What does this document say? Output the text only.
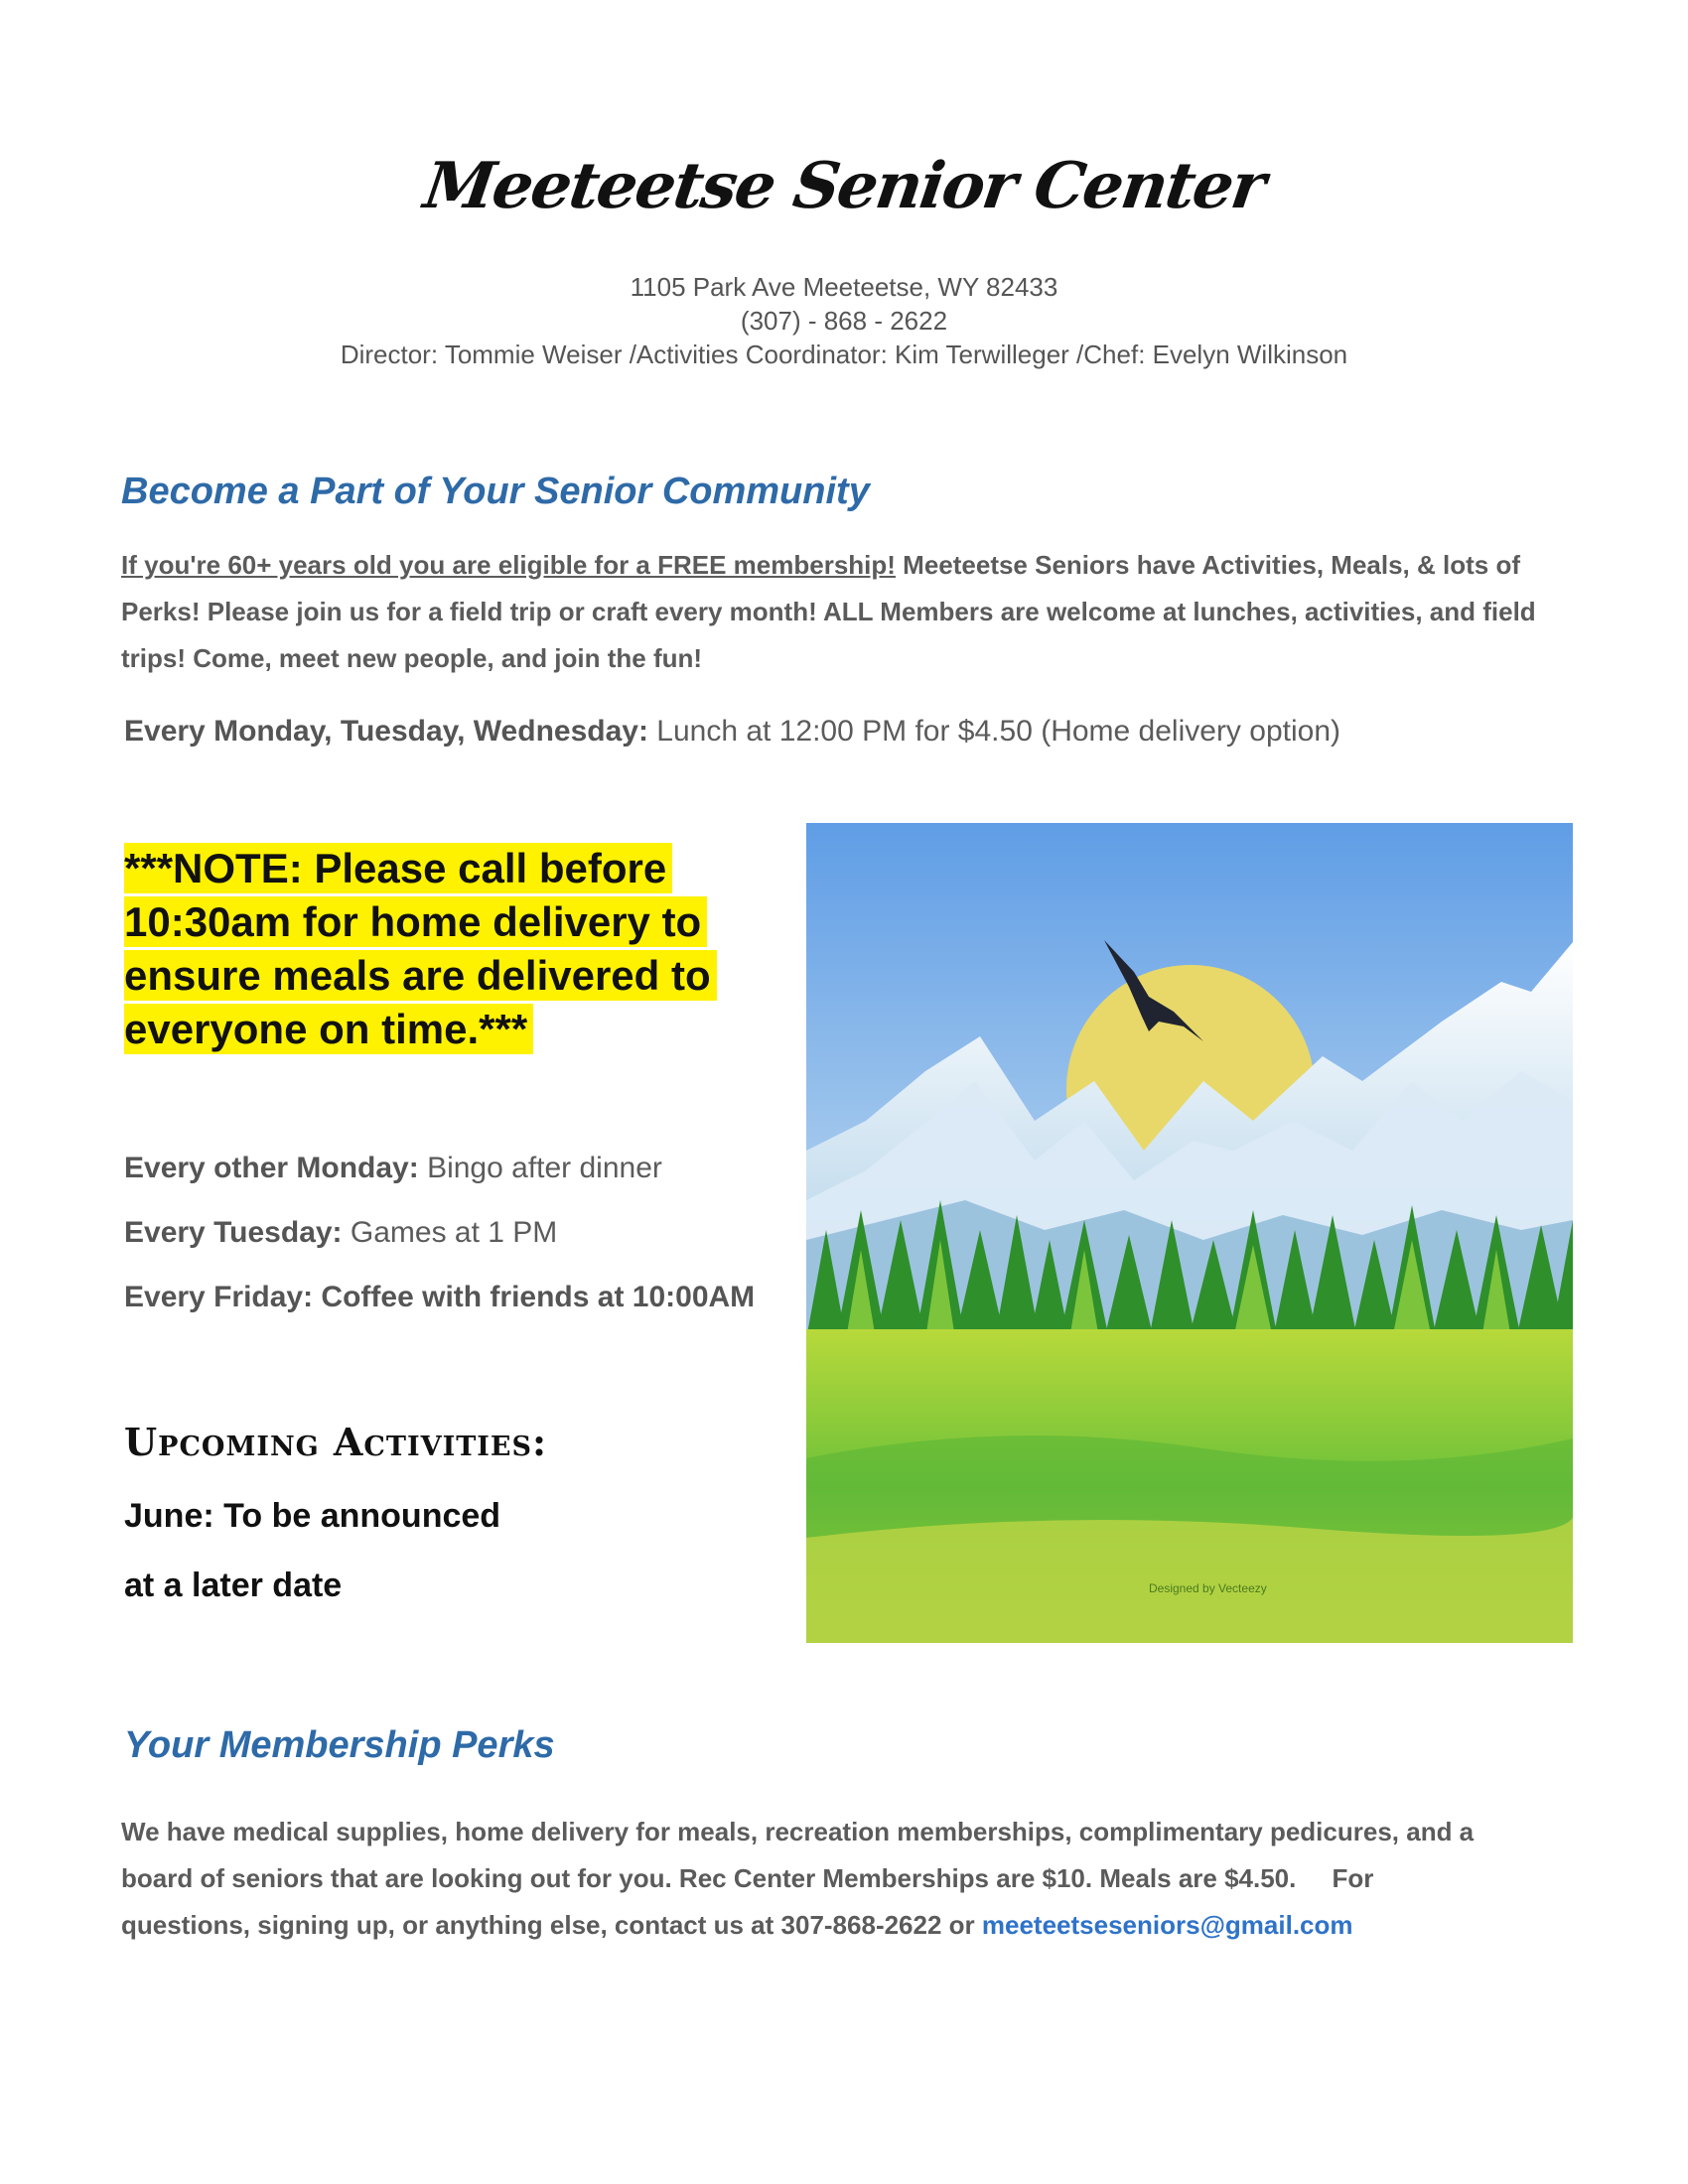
Meeteetse Senior Center
1105 Park Ave Meeteetse, WY 82433
(307) - 868 - 2622
Director: Tommie Weiser /Activities Coordinator: Kim Terwilleger /Chef: Evelyn Wilkinson
Become a Part of Your Senior Community
If you're 60+ years old you are eligible for a FREE membership! Meeteetse Seniors have Activities, Meals, & lots of Perks! Please join us for a field trip or craft every month! ALL Members are welcome at lunches, activities, and field trips! Come, meet new people, and join the fun!
Every Monday, Tuesday, Wednesday: Lunch at 12:00 PM for $4.50 (Home delivery option)
***NOTE: Please call before
10:30am for home delivery to
ensure meals are delivered to
everyone on time.***
Every other Monday: Bingo after dinner
Every Tuesday: Games at 1 PM
Every Friday: Coffee with friends at 10:00AM
Upcoming Activities:
June: To be announced
at a later date	Designed by Vecteezy
Your Membership Perks
We have medical supplies, home delivery for meals, recreation memberships, complimentary pedicures, and a
board of seniors that are looking out for you. Rec Center Memberships are $10. Meals are $4.50.     For
questions, signing up, or anything else, contact us at 307-868-2622 or meeteetseseniors@gmail.com
